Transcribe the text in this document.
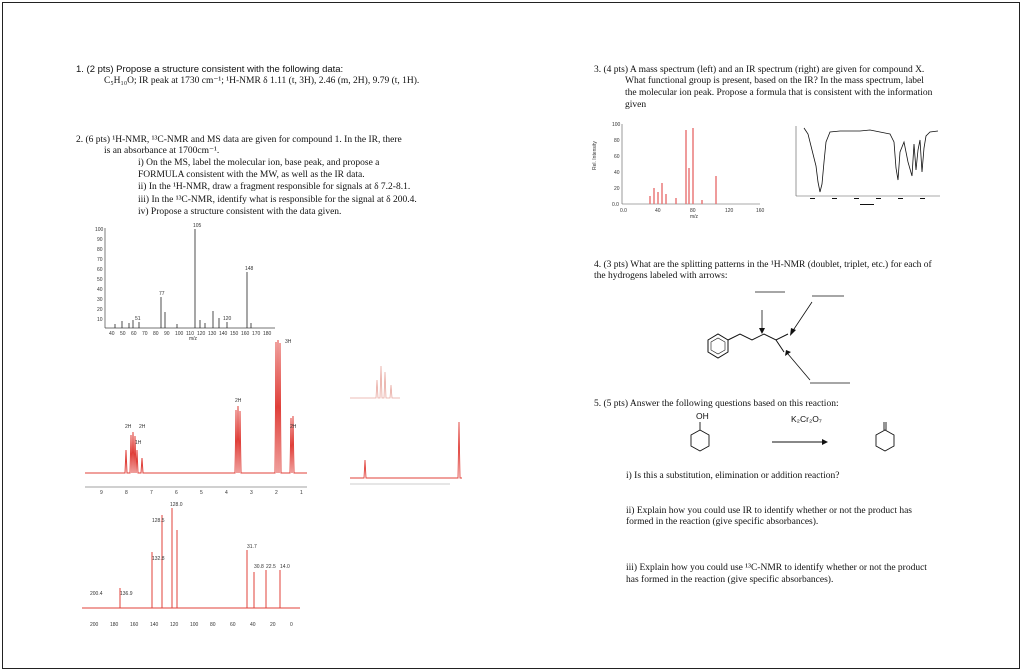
1. (2 pts) Propose a structure consistent with the following data:
C₅H₁₀O; IR peak at 1730 cm⁻¹; ¹H-NMR δ 1.11 (t, 3H), 2.46 (m, 2H), 9.79 (t, 1H).
2. (6 pts) ¹H-NMR, ¹³C-NMR and MS data are given for compound 1. In the IR, there
is an absorbance at 1700cm⁻¹.
i) On the MS, label the molecular ion, base peak, and propose a
FORMULA consistent with the MW, as well as the IR data.
ii) In the ¹H-NMR, draw a fragment responsible for signals at δ 7.2-8.1.
iii) In the ¹³C-NMR, identify what is responsible for the signal at δ 200.4.
iv) Propose a structure consistent with the data given.
100
90
80
70
60
50
40
30
20
10
105
77
51	120
148
40 50 60 70 80 90 100 110 120 130 140 150 160 170 180
m/z	3H
2H
2H
1H
2H 2H
9	8	7	6	5	4	3	2	1
200.4	136.9
132.8
128.5
128.0
31.7
30.8 22.5 14.0
200 180 160 140 120 100 80	60	40	20	0
3. (4 pts) A mass spectrum (left) and an IR spectrum (right) are given for compound X.
What functional group is present, based on the IR? In the mass spectrum, label
the molecular ion peak. Propose a formula that is consistent with the information
given
Rel. Intensity
100
80
60
40
20
0.0
0.0	40	80	120	160
m/z
4. (3 pts) What are the splitting patterns in the ¹H-NMR (doublet, triplet, etc.) for each of
the hydrogens labeled with arrows:
5. (5 pts) Answer the following questions based on this reaction:
OH	K₂Cr₂O₇
i) Is this a substitution, elimination or addition reaction?
ii) Explain how you could use IR to identify whether or not the product has
formed in the reaction (give specific absorbances).
iii) Explain how you could use ¹³C-NMR to identify whether or not the product
has formed in the reaction (give specific absorbances).
